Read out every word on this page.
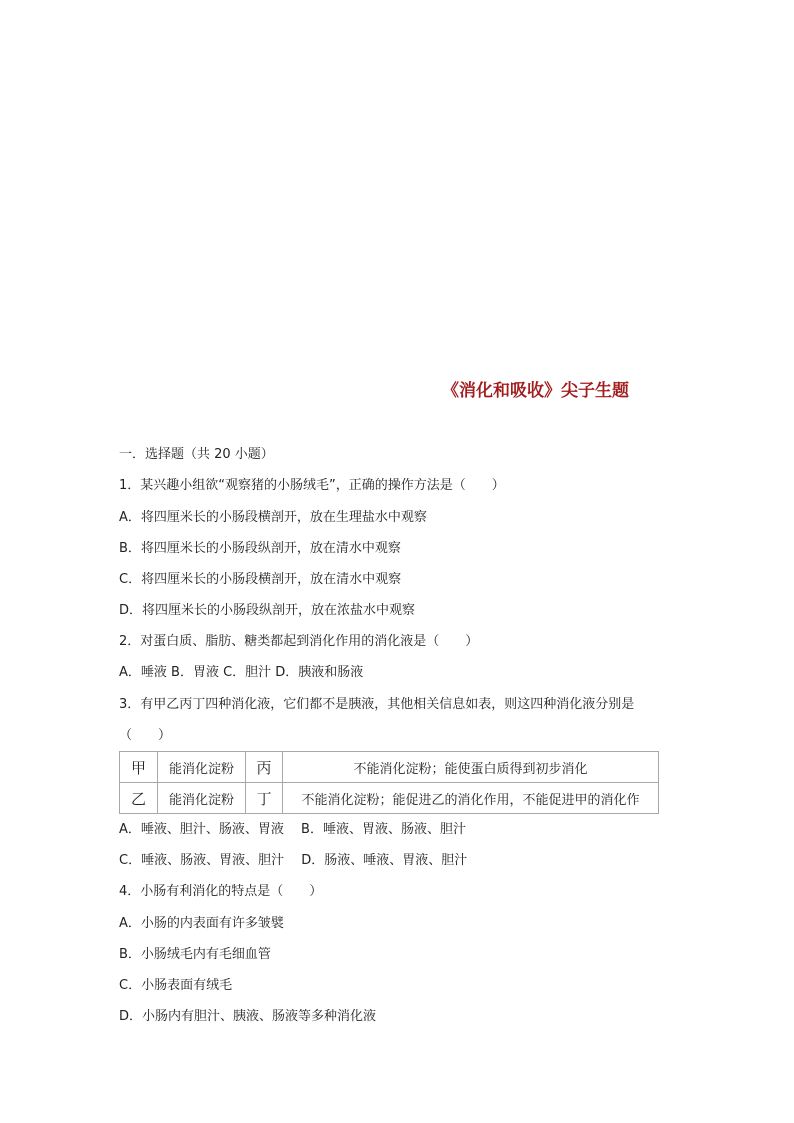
《消化和吸收》尖子生题
一．选择题（共 20 小题）
1．某兴趣小组欲“观察猪的小肠绒毛”，正确的操作方法是（　　）
A．将四厘米长的小肠段横剖开，放在生理盐水中观察
B．将四厘米长的小肠段纵剖开，放在清水中观察
C．将四厘米长的小肠段横剖开，放在清水中观察
D．将四厘米长的小肠段纵剖开，放在浓盐水中观察
2．对蛋白质、脂肪、糖类都起到消化作用的消化液是（　　）
A．唾液 B．胃液 C．胆汁 D．胰液和肠液
3．有甲乙丙丁四种消化液，它们都不是胰液，其他相关信息如表，则这四种消化液分别是
（　　）
甲	能消化淀粉	丙	不能消化淀粉；能使蛋白质得到初步消化
乙	能消化淀粉	丁	不能消化淀粉；能促进乙的消化作用，不能促进甲的消化作
A．唾液、胆汁、肠液、胃液　 B．唾液、胃液、肠液、胆汁
C．唾液、肠液、胃液、胆汁　 D．肠液、唾液、胃液、胆汁
4．小肠有利消化的特点是（　　）
A．小肠的内表面有许多皱襞
B．小肠绒毛内有毛细血管
C．小肠表面有绒毛
D．小肠内有胆汁、胰液、肠液等多种消化液
